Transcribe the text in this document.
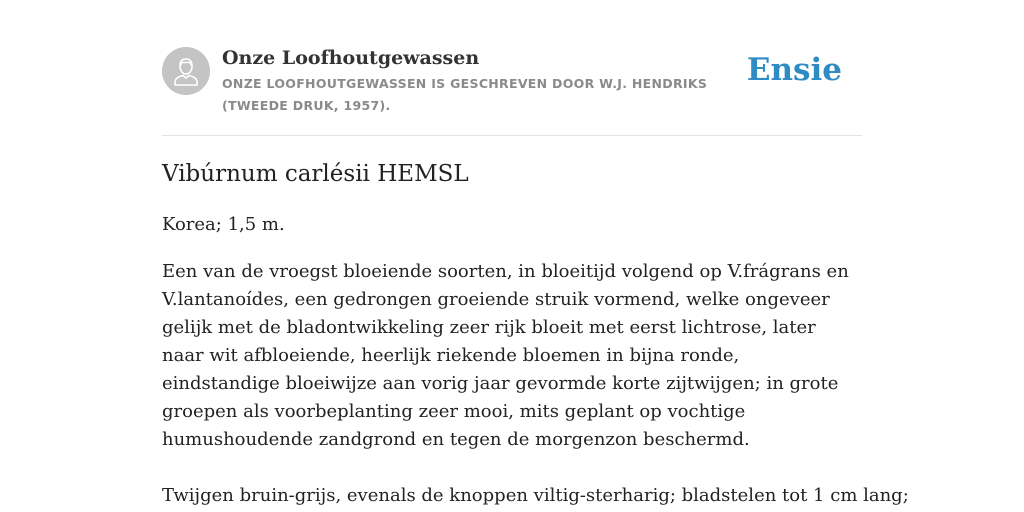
Onze Loofhoutgewassen

ONZE LOOFHOUTGEWASSEN IS GESCHREVEN DOOR W.J. HENDRIKS (TWEEDE DRUK, 1957).

Ensie
Vibúrnum carlésii HEMSL

Korea; 1,5 m.

Een van de vroegst bloeiende soorten, in bloeitijd volgend op V.frágrans en V.lantanoídes, een gedrongen groeiende struik vormend, welke ongeveer gelijk met de bladontwikkeling zeer rijk bloeit met eerst lichtrose, later naar wit afbloeiende, heerlijk riekende bloemen in bijna ronde, eindstandige bloeiwijze aan vorig jaar gevormde korte zijtwijgen; in grote groepen als voorbeplanting zeer mooi, mits geplant op vochtige humushoudende zandgrond en tegen de morgenzon beschermd.

Twijgen bruin-grijs, evenals de knoppen viltig-sterharig; bladstelen tot 1 cm lang;
